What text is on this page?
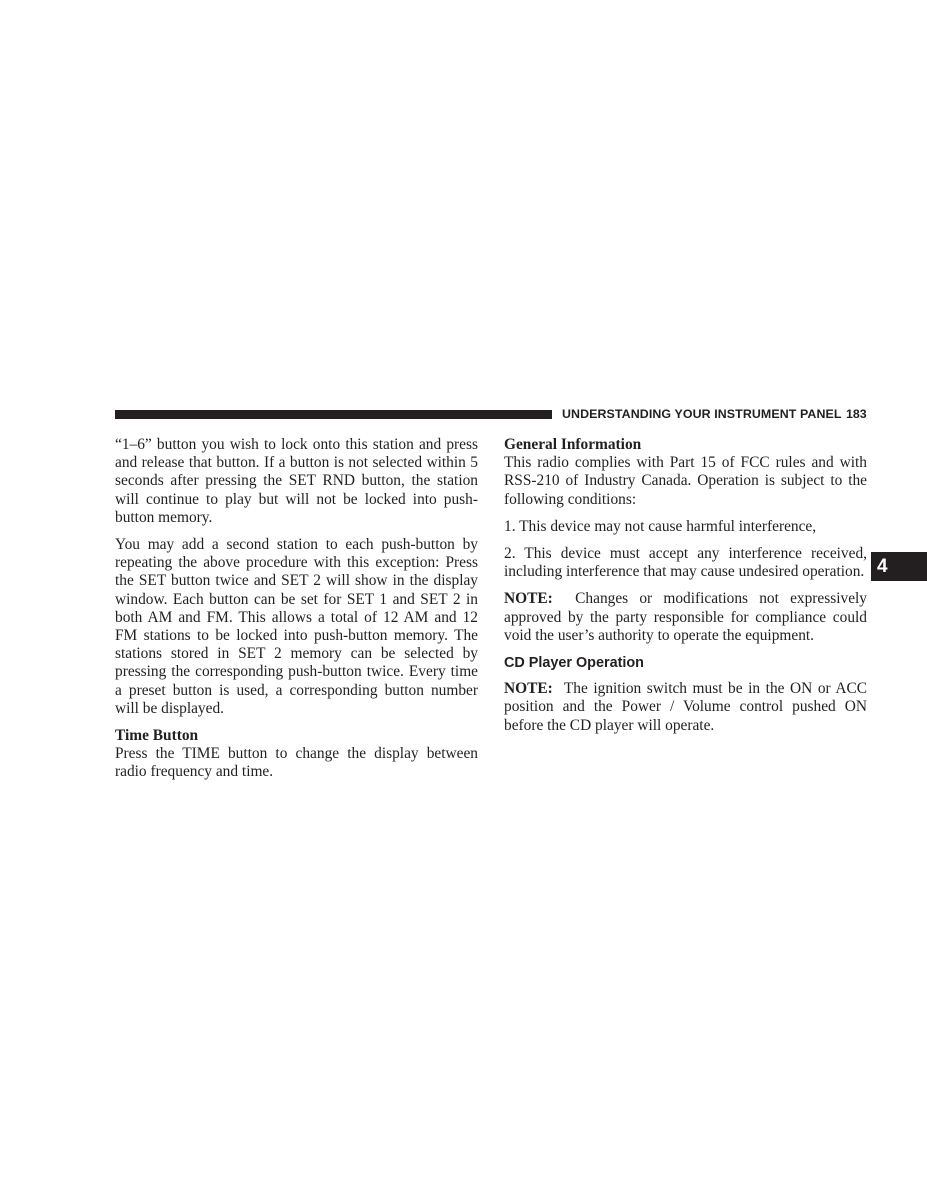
UNDERSTANDING YOUR INSTRUMENT PANEL 183
4

“1–6” button you wish to lock onto this station and press and release that button. If a button is not selected within 5 seconds after pressing the SET RND button, the station will continue to play but will not be locked into push-button memory.

You may add a second station to each push-button by repeating the above procedure with this exception: Press the SET button twice and SET 2 will show in the display window. Each button can be set for SET 1 and SET 2 in both AM and FM. This allows a total of 12 AM and 12 FM stations to be locked into push-button memory. The stations stored in SET 2 memory can be selected by pressing the corresponding push-button twice. Every time a preset button is used, a corresponding button number will be displayed.

Time Button

Press the TIME button to change the display between radio frequency and time.

General Information

This radio complies with Part 15 of FCC rules and with RSS-210 of Industry Canada. Operation is subject to the following conditions:

1. This device may not cause harmful interference,

2. This device must accept any interference received, including interference that may cause undesired operation.

NOTE: Changes or modifications not expressively approved by the party responsible for compliance could void the user’s authority to operate the equipment.

CD Player Operation

NOTE: The ignition switch must be in the ON or ACC position and the Power / Volume control pushed ON before the CD player will operate.
